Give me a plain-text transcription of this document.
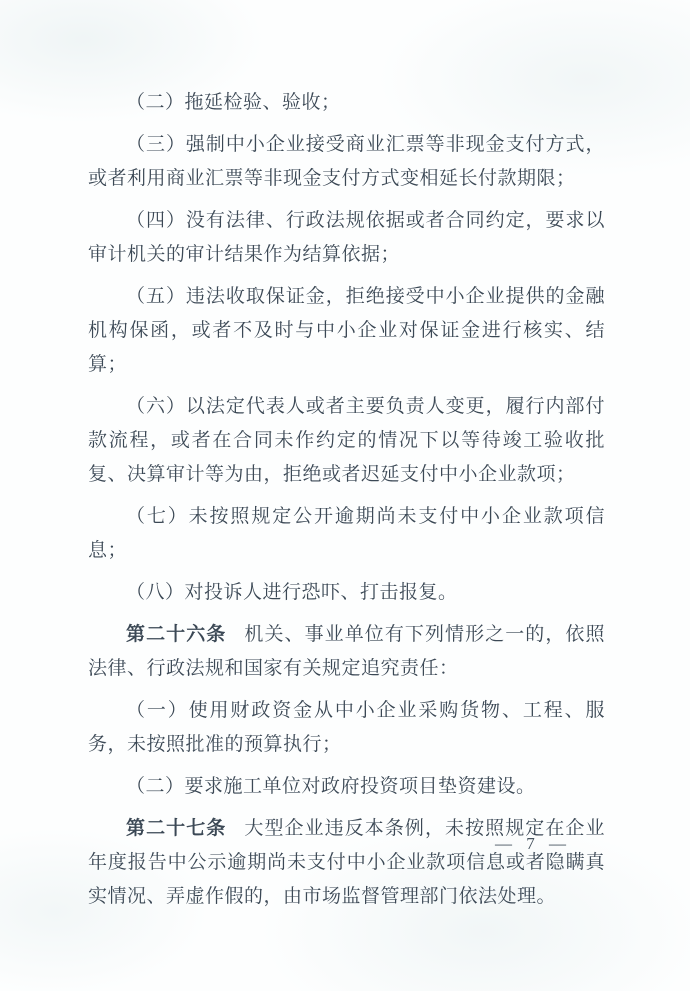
（二）拖延检验、验收；

（三）强制中小企业接受商业汇票等非现金支付方式，或者利用商业汇票等非现金支付方式变相延长付款期限；

（四）没有法律、行政法规依据或者合同约定，要求以审计机关的审计结果作为结算依据；

（五）违法收取保证金，拒绝接受中小企业提供的金融机构保函，或者不及时与中小企业对保证金进行核实、结算；

（六）以法定代表人或者主要负责人变更，履行内部付款流程，或者在合同未作约定的情况下以等待竣工验收批复、决算审计等为由，拒绝或者迟延支付中小企业款项；

（七）未按照规定公开逾期尚未支付中小企业款项信息；

（八）对投诉人进行恐吓、打击报复。

第二十六条 机关、事业单位有下列情形之一的，依照法律、行政法规和国家有关规定追究责任：

（一）使用财政资金从中小企业采购货物、工程、服务，未按照批准的预算执行；

（二）要求施工单位对政府投资项目垫资建设。

第二十七条 大型企业违反本条例，未按照规定在企业年度报告中公示逾期尚未支付中小企业款项信息或者隐瞒真实情况、弄虚作假的，由市场监督管理部门依法处理。

— 7 —
